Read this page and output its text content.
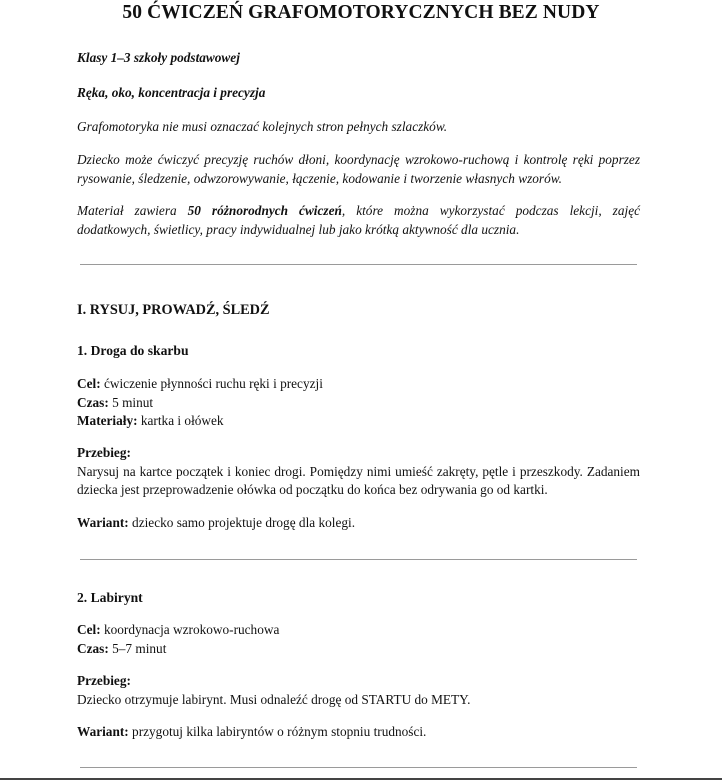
50 ĆWICZEŃ GRAFOMOTORYCZNYCH BEZ NUDY

Klasy 1–3 szkoły podstawowej

Ręka, oko, koncentracja i precyzja

Grafomotoryka nie musi oznaczać kolejnych stron pełnych szlaczków.

Dziecko może ćwiczyć precyzję ruchów dłoni, koordynację wzrokowo-ruchową i kontrolę ręki poprzez rysowanie, śledzenie, odwzorowywanie, łączenie, kodowanie i tworzenie własnych wzorów.

Materiał zawiera 50 różnorodnych ćwiczeń, które można wykorzystać podczas lekcji, zajęć dodatkowych, świetlicy, pracy indywidualnej lub jako krótką aktywność dla ucznia.

I. RYSUJ, PROWADŹ, ŚLEDŹ

1. Droga do skarbu

Cel: ćwiczenie płynności ruchu ręki i precyzji

Czas: 5 minut

Materiały: kartka i ołówek

Przebieg:

Narysuj na kartce początek i koniec drogi. Pomiędzy nimi umieść zakręty, pętle i przeszkody. Zadaniem dziecka jest przeprowadzenie ołówka od początku do końca bez odrywania go od kartki.

Wariant: dziecko samo projektuje drogę dla kolegi.

2. Labirynt

Cel: koordynacja wzrokowo-ruchowa

Czas: 5–7 minut

Przebieg:

Dziecko otrzymuje labirynt. Musi odnaleźć drogę od STARTU do METY.

Wariant: przygotuj kilka labiryntów o różnym stopniu trudności.
